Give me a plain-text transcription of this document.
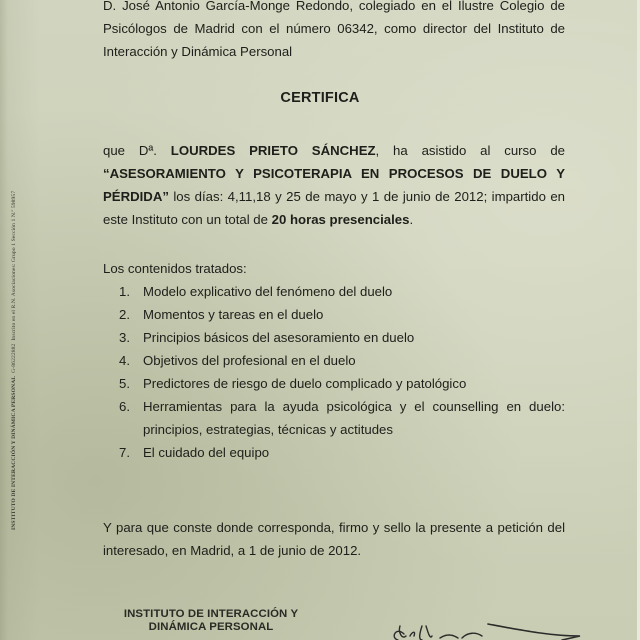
INSTITUTO DE INTERACCIÓN Y DINÁMICA PERSONAL  G-86222882  Inscrito en el R.N. Asociaciones: Grupo 1 Sección 1 N.º 598957
D. José Antonio García-Monge Redondo, colegiado en el Ilustre Colegio de
Psicólogos de Madrid con el número 06342, como director del Instituto de
Interacción y Dinámica Personal
CERTIFICA
que Dª. LOURDES PRIETO SÁNCHEZ, ha asistido al curso de
“ASESORAMIENTO Y PSICOTERAPIA EN PROCESOS DE DUELO Y
PÉRDIDA” los días: 4,11,18 y 25 de mayo y 1 de junio de 2012; impartido en
este Instituto con un total de 20 horas presenciales.
Los contenidos tratados:
1. Modelo explicativo del fenómeno del duelo
2. Momentos y tareas en el duelo
3. Principios básicos del asesoramiento en duelo
4. Objetivos del profesional en el duelo
5. Predictores de riesgo de duelo complicado y patológico
6. Herramientas para la ayuda psicológica y el counselling en duelo:
principios, estrategias, técnicas y actitudes
7. El cuidado del equipo
Y para que conste donde corresponda, firmo y sello la presente a petición del
interesado, en Madrid, a 1 de junio de 2012.
INSTITUTO DE INTERACCIÓN Y
DINÁMICA PERSONAL
